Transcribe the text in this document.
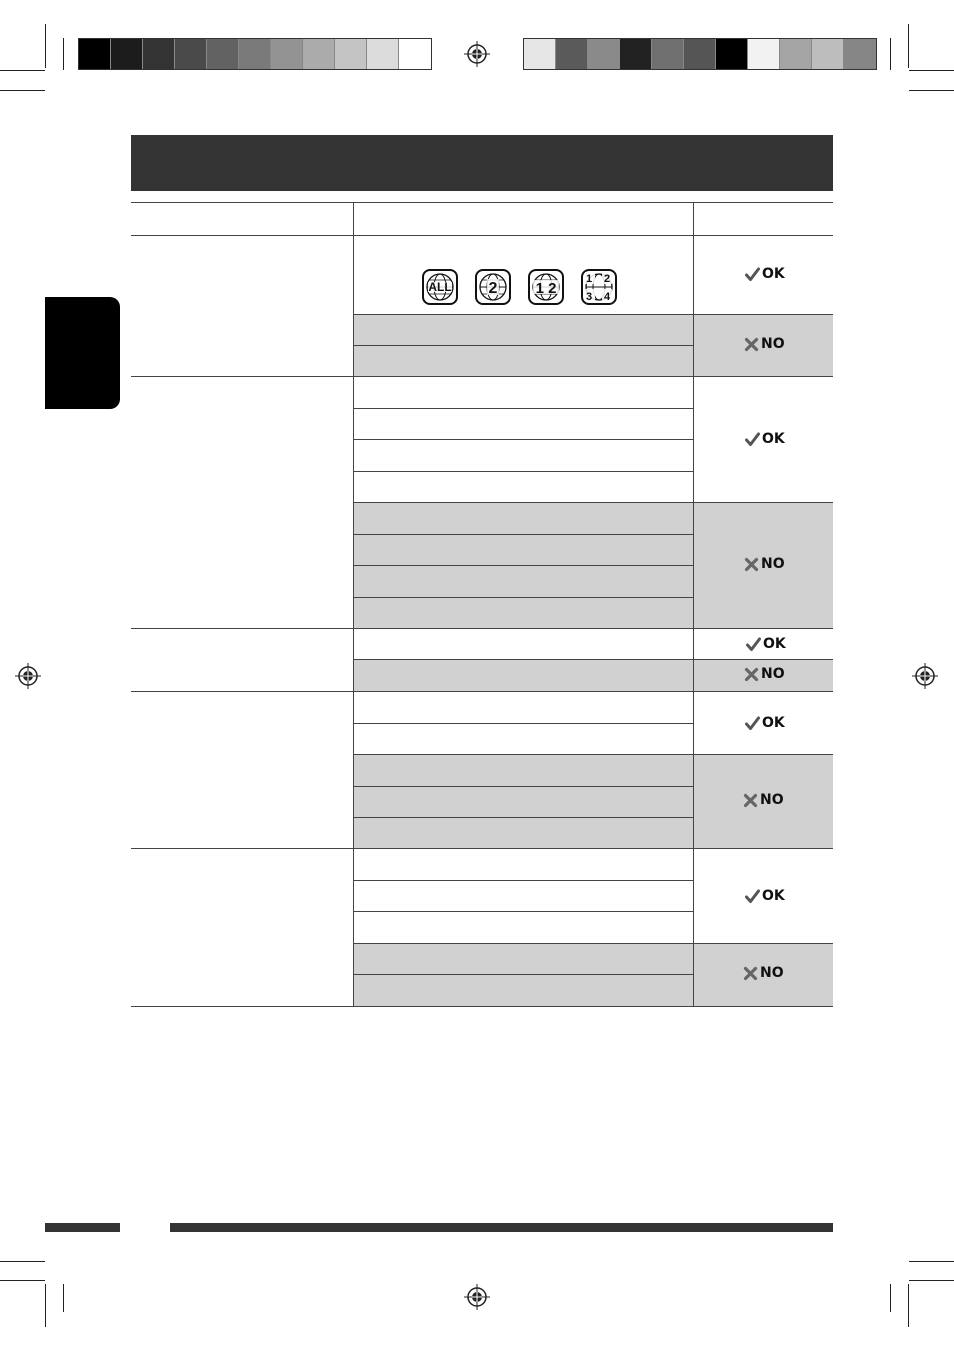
ALL 2	1 2
1 2
3 4
OK
NO
OK
NO
OK
NO
OK
NO
OK
NO
